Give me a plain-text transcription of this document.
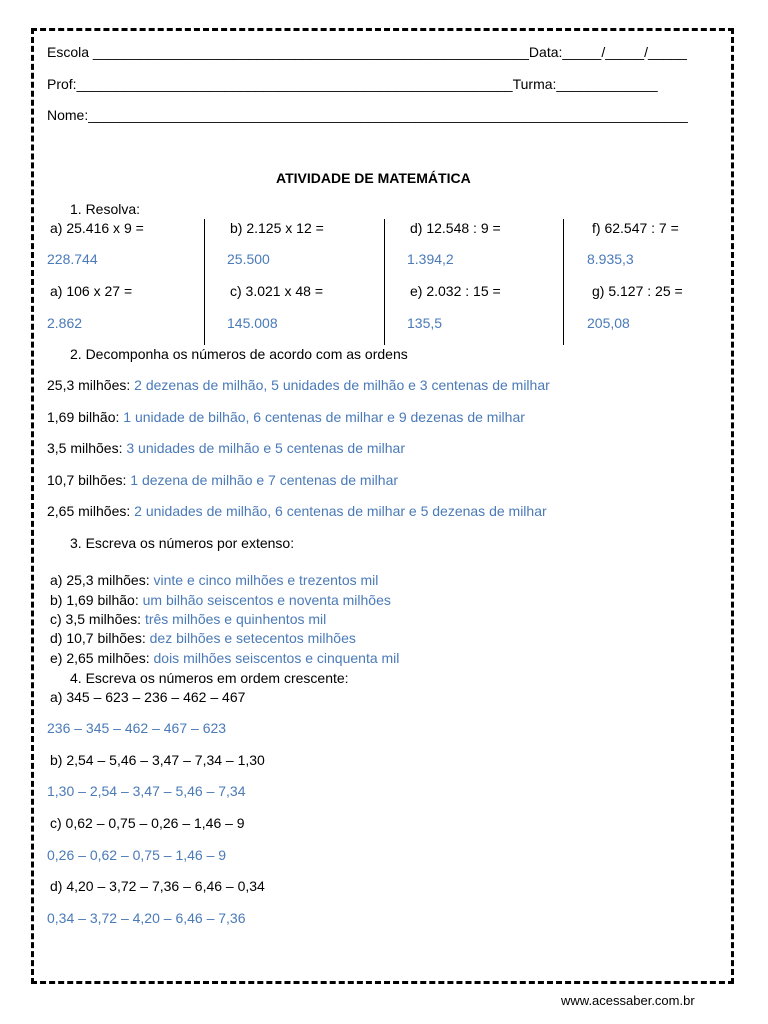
Escola ________________________________________________________Data:_____/_____/_____
Prof:________________________________________________________Turma:_____________
Nome:_____________________________________________________________________________
ATIVIDADE DE MATEMÁTICA
1. Resolva:
a) 25.416 x 9 =	b) 2.125 x 12 =	d) 12.548 : 9 =	f) 62.547 : 7 =
228.744	25.500	1.394,2	8.935,3
a) 106 x 27 =	c) 3.021 x 48 =	e) 2.032 : 15 =	g) 5.127 : 25 =
2.862	145.008	135,5	205,08
2. Decomponha os números de acordo com as ordens
25,3 milhões: 2 dezenas de milhão, 5 unidades de milhão e 3 centenas de milhar
1,69 bilhão: 1 unidade de bilhão, 6 centenas de milhar e 9 dezenas de milhar
3,5 milhões: 3 unidades de milhão e 5 centenas de milhar
10,7 bilhões: 1 dezena de milhão e 7 centenas de milhar
2,65 milhões: 2 unidades de milhão, 6 centenas de milhar e 5 dezenas de milhar
3. Escreva os números por extenso:
a) 25,3 milhões: vinte e cinco milhões e trezentos mil
b) 1,69 bilhão: um bilhão seiscentos e noventa milhões
c) 3,5 milhões: três milhões e quinhentos mil
d) 10,7 bilhões: dez bilhões e setecentos milhões
e) 2,65 milhões: dois milhões seiscentos e cinquenta mil
4. Escreva os números em ordem crescente:
a) 345 – 623 – 236 – 462 – 467
236 – 345 – 462 – 467 – 623
b) 2,54 – 5,46 – 3,47 – 7,34 – 1,30
1,30 – 2,54 – 3,47 – 5,46 – 7,34
c) 0,62 – 0,75 – 0,26 – 1,46 – 9
0,26 – 0,62 – 0,75 – 1,46 – 9
d) 4,20 – 3,72 – 7,36 – 6,46 – 0,34
0,34 – 3,72 – 4,20 – 6,46 – 7,36
www.acessaber.com.br
